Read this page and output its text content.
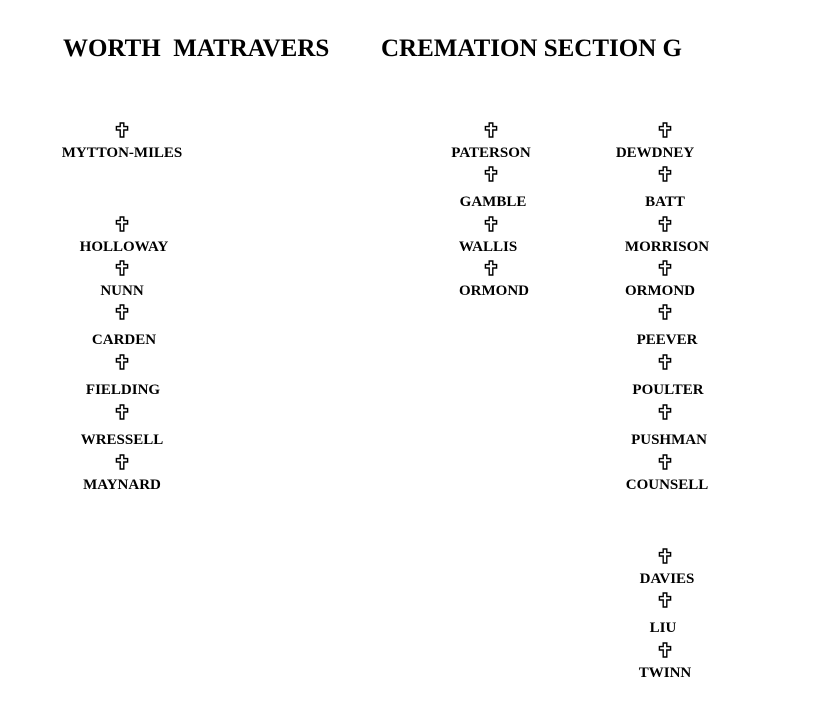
WORTH  MATRAVERS CREMATION SECTION G
MYTTON-MILES
HOLLOWAY
NUNN
CARDEN
FIELDING
WRESSELL
MAYNARD
PATERSON
GAMBLE
WALLIS
ORMOND
DEWDNEY
BATT
MORRISON
ORMOND
PEEVER
POULTER
PUSHMAN
COUNSELL
DAVIES
LIU
TWINN
